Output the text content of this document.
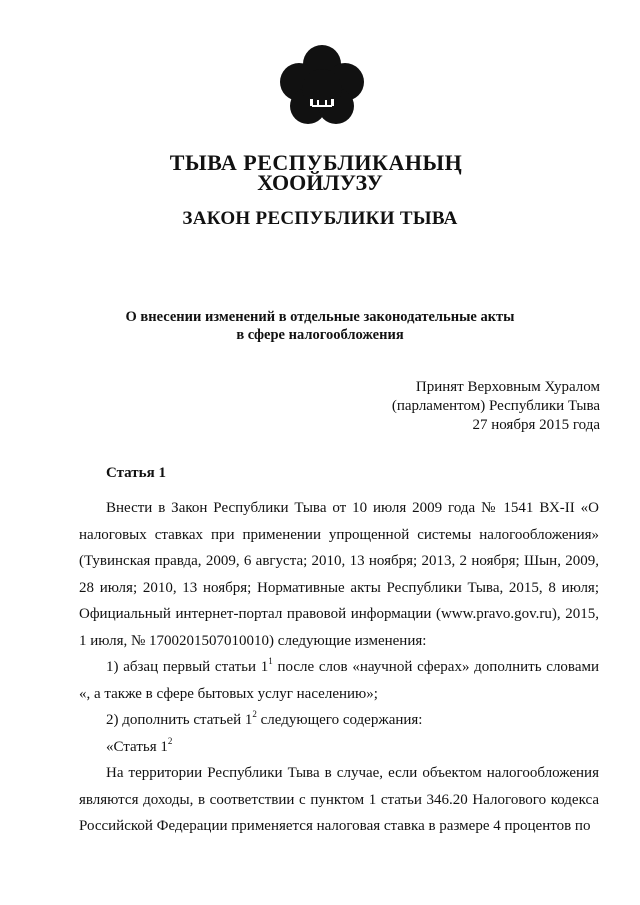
ТЫВА РЕСПУБЛИКАНЫҢ
ХООЙЛУЗУ
ЗАКОН РЕСПУБЛИКИ ТЫВА
О внесении изменений в отдельные законодательные акты
в сфере налогообложения
Принят Верховным Хуралом
(парламентом) Республики Тыва
27 ноября 2015 года
Статья 1

Внести в Закон Республики Тыва от 10 июля 2009 года № 1541 ВХ-II «О налоговых ставках при применении упрощенной системы налогообложения» (Тувинская правда, 2009, 6 августа; 2010, 13 ноября; 2013, 2 ноября; Шын, 2009, 28 июля; 2010, 13 ноября; Нормативные акты Республики Тыва, 2015, 8 июля; Официальный интернет-портал правовой информации (www.pravo.gov.ru), 2015, 1 июля, № 1700201507010010) следующие изменения:

1) абзац первый статьи $1^1$ после слов «научной сферах» дополнить словами «, а также в сфере бытовых услуг населению»;

2) дополнить статьей $1^2$ следующего содержания:

«Статья $1^2$

На территории Республики Тыва в случае, если объектом налогообложения являются доходы, в соответствии с пунктом 1 статьи 346.20 Налогового кодекса Российской Федерации применяется налоговая ставка в размере 4 процентов по
